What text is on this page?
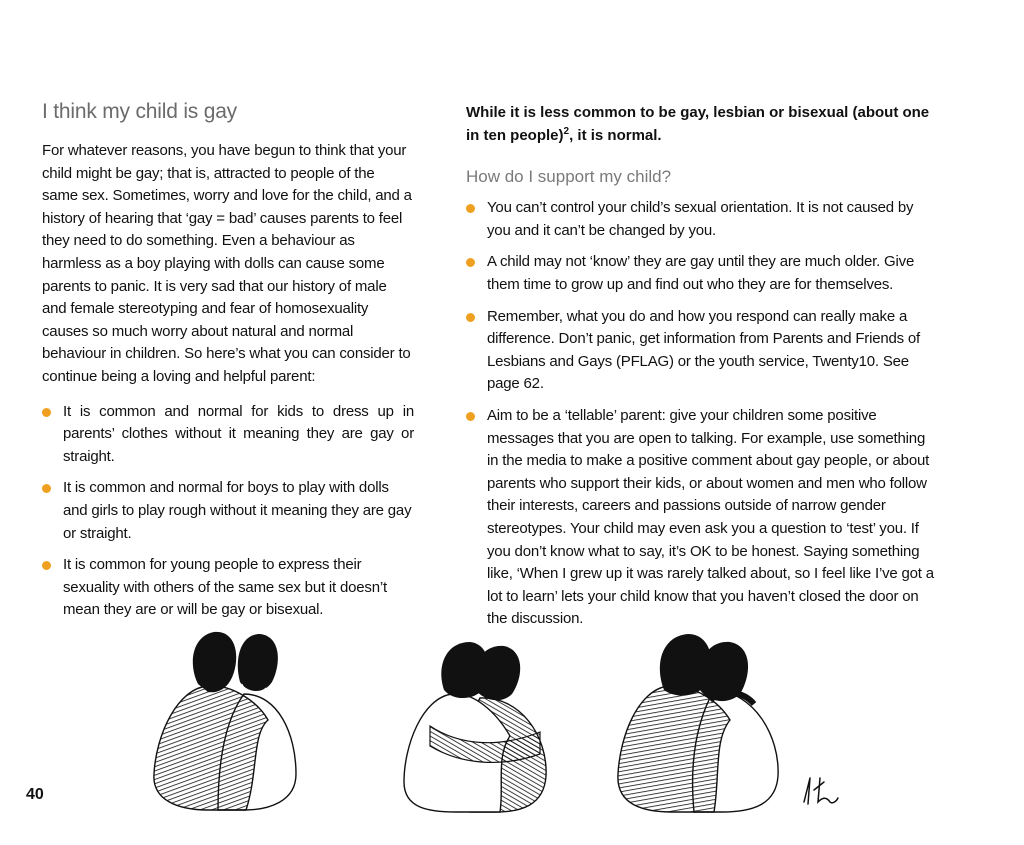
I think my child is gay

For whatever reasons, you have begun to think that your child might be gay; that is, attracted to people of the same sex. Sometimes, worry and love for the child, and a history of hearing that ‘gay = bad’ causes parents to feel they need to do something. Even a behaviour as harmless as a boy playing with dolls can cause some parents to panic. It is very sad that our history of male and female stereotyping and fear of homosexuality causes so much worry about natural and normal behaviour in children. So here’s what you can consider to continue being a loving and helpful parent:

It is common and normal for kids to dress up in parents’ clothes without it meaning they are gay or straight.
It is common and normal for boys to play with dolls and girls to play rough without it meaning they are gay or straight.
It is common for young people to express their sexuality with others of the same sex but it doesn’t mean they are or will be gay or bisexual.

While it is less common to be gay, lesbian or bisexual (about one in ten people)$^2$, it is normal.

How do I support my child?
You can’t control your child’s sexual orientation. It is not caused by you and it can’t be changed by you.
A child may not ‘know’ they are gay until they are much older. Give them time to grow up and find out who they are for themselves.
Remember, what you do and how you respond can really make a difference. Don’t panic, get information from Parents and Friends of Lesbians and Gays (PFLAG) or the youth service, Twenty10. See page 62.
Aim to be a ‘tellable’ parent: give your children some positive messages that you are open to talking. For example, use something in the media to make a positive comment about gay people, or about parents who support their kids, or about women and men who follow their interests, careers and passions outside of narrow gender stereotypes. Your child may even ask you a question to ‘test’ you. If you don’t know what to say, it’s OK to be honest. Saying something like, ‘When I grew up it was rarely talked about, so I feel like I’ve got a lot to learn’ lets your child know that you haven’t closed the door on the discussion.
40
